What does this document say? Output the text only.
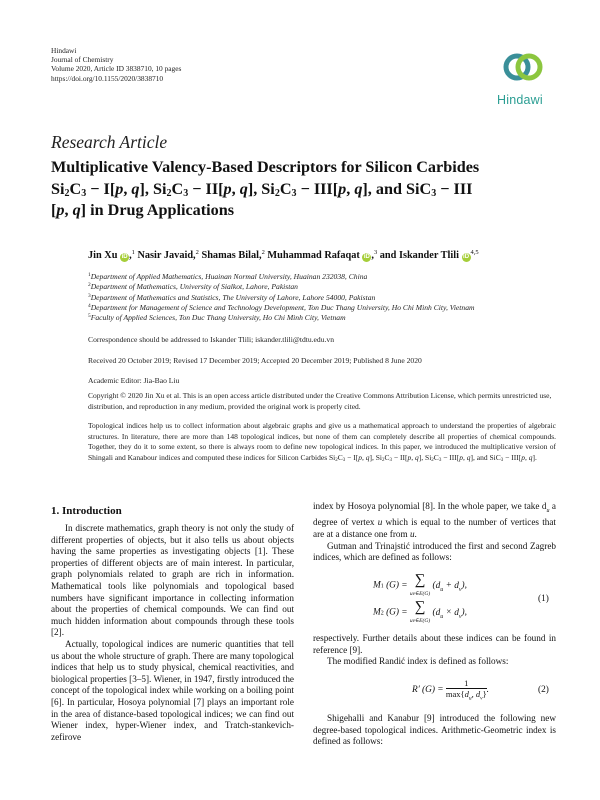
Hindawi
Journal of Chemistry
Volume 2020, Article ID 3838710, 10 pages
https://doi.org/10.1155/2020/3838710
Hindawi
Research Article
Multiplicative Valency-Based Descriptors for Silicon Carbides
$Si_2C_3 - I[p$, q], $Si_2C_3 - II[p$, q], $Si_2C_3 - III[p$, q], and SiC$_3$ − III
[p, q] in Drug Applications
Jin Xu iD ,$^1$ Nasir Javaid,$^2$ Shamas Bilal,$^2$ Muhammad Rafaqat iD ,$^3$ and Iskander Tlili iD$^{4,5}$
$^1$Department of Applied Mathematics, Huainan Normal University, Huainan 232038, China
$^2$Department of Mathematics, University of Sialkot, Lahore, Pakistan
$^3$Department of Mathematics and Statistics, The University of Lahore, Lahore 54000, Pakistan
$^4$Department for Management of Science and Technology Development, Ton Duc Thang University, Ho Chi Minh City, Vietnam
$^5$Faculty of Applied Sciences, Ton Duc Thang University, Ho Chi Minh City, Vietnam
Correspondence should be addressed to Iskander Tlili; iskander.tlili@tdtu.edu.vn
Received 20 October 2019; Revised 17 December 2019; Accepted 20 December 2019; Published 8 June 2020
Academic Editor: Jia-Bao Liu
Copyright © 2020 Jin Xu et al. This is an open access article distributed under the Creative Commons Attribution License, which permits unrestricted use, distribution, and reproduction in any medium, provided the original work is properly cited.
Topological indices help us to collect information about algebraic graphs and give us a mathematical approach to understand the properties of algebraic structures. In literature, there are more than 148 topological indices, but none of them can completely describe all properties of chemical compounds. Together, they do it to some extent, so there is always room to define new topological indices. In this paper, we introduced the multiplicative version of Shingali and Kanabour indices and computed these indices for Silicon Carbides $Si_2C_3 - I[p$, q], $Si_2C_3 - II[p$, q], $Si_2C_3 - III[p$, q], and SiC$_3$ − III[p, q].
1. Introduction

In discrete mathematics, graph theory is not only the study of different properties of objects, but it also tells us about objects having the same properties as investigating objects [1]. These properties of different objects are of main interest. In particular, graph polynomials related to graph are rich in information. Mathematical tools like polynomials and topological based numbers have significant importance in collecting information about the properties of chemical compounds. We can find out much hidden information about compounds through these tools [2].

Actually, topological indices are numeric quantities that tell us about the whole structure of graph. There are many topological indices that help us to study physical, chemical reactivities, and biological properties [3–5]. Wiener, in 1947, firstly introduced the concept of the topological index while working on a boiling point [6]. In particular, Hosoya polynomial [7] plays an important role in the area of distance-based topological indices; we can find out Wiener index, hyper-Wiener index, and Tratch-stankevich-zefirove

index by Hosoya polynomial [8]. In the whole paper, we take $d_u$ a degree of vertex u which is equal to the number of vertices that are at a distance one from u.

Gutman and Trinajstić introduced the first and second Zagreb indices, which are defined as follows:

M1 (G) = ∑
uv∈E(G) $(d_u + d_v)$,
M2 (G) = ∑
uv∈E(G) $(d_u \times d_v)$,
(1)

respectively. Further details about these indices can be found in reference [9].

The modified Randić index is defined as follows:

R′ (G) =
1
$\max\{d_u$, $d_v$} .	(2)

Shigehalli and Kanabur [9] introduced the following new degree-based topological indices. Arithmetic-Geometric index is defined as follows:
